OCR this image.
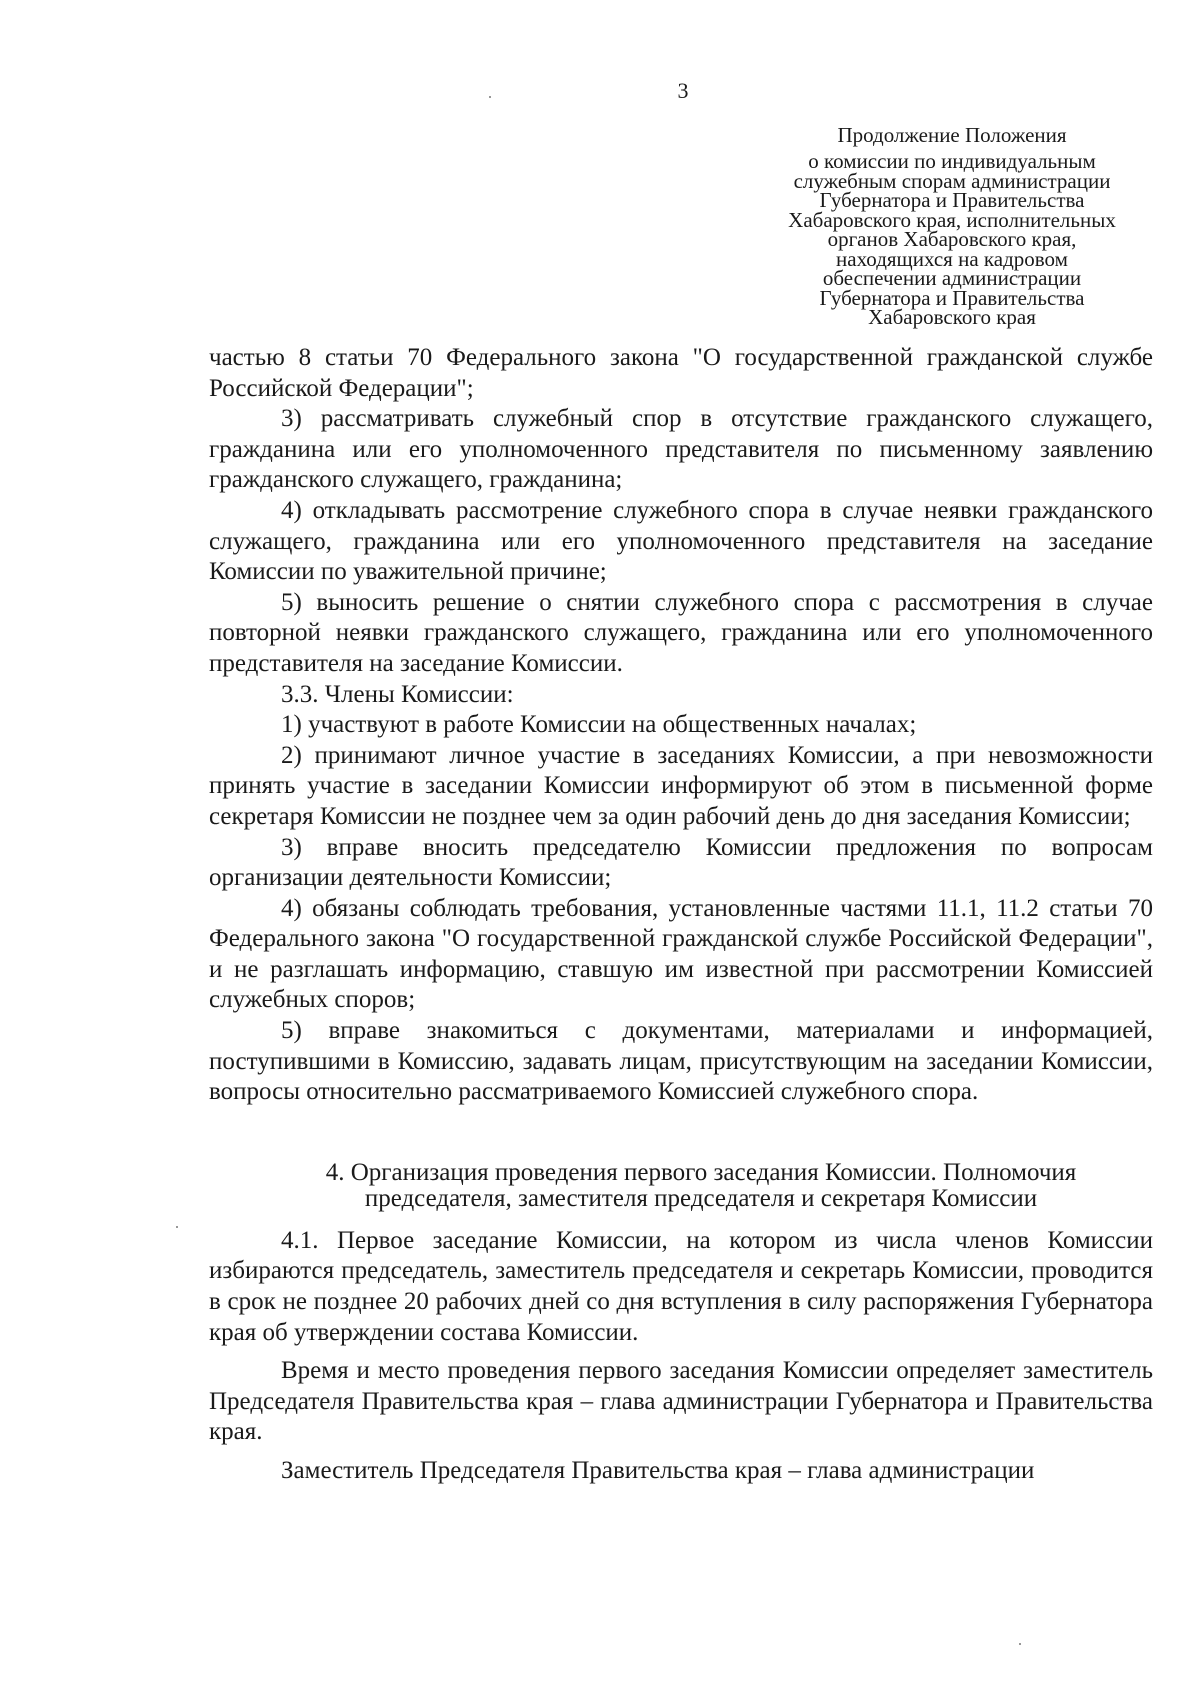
3
Продолжение Положения
о комиссии по индивидуальным
служебным спорам администрации
Губернатора и Правительства
Хабаровского края, исполнительных
органов Хабаровского края,
находящихся на кадровом
обеспечении администрации
Губернатора и Правительства
Хабаровского края

частью 8 статьи 70 Федерального закона "О государственной гражданской службе Российской Федерации";

3) рассматривать служебный спор в отсутствие гражданского служащего, гражданина или его уполномоченного представителя по письменному заявлению гражданского служащего, гражданина;

4) откладывать рассмотрение служебного спора в случае неявки гражданского служащего, гражданина или его уполномоченного представителя на заседание Комиссии по уважительной причине;

5) выносить решение о снятии служебного спора с рассмотрения в случае повторной неявки гражданского служащего, гражданина или его уполномоченного представителя на заседание Комиссии.

3.3. Члены Комиссии:

1) участвуют в работе Комиссии на общественных началах;

2) принимают личное участие в заседаниях Комиссии, а при невозможности принять участие в заседании Комиссии информируют об этом в письменной форме секретаря Комиссии не позднее чем за один рабочий день до дня заседания Комиссии;

3) вправе вносить председателю Комиссии предложения по вопросам организации деятельности Комиссии;

4) обязаны соблюдать требования, установленные частями 11.1, 11.2 статьи 70 Федерального закона "О государственной гражданской службе Российской Федерации", и не разглашать информацию, ставшую им известной при рассмотрении Комиссией служебных споров;

5) вправе знакомиться с документами, материалами и информацией, поступившими в Комиссию, задавать лицам, присутствующим на заседании Комиссии, вопросы относительно рассматриваемого Комиссией служебного спора.

4. Организация проведения первого заседания Комиссии. Полномочия
председателя, заместителя председателя и секретаря Комиссии

4.1. Первое заседание Комиссии, на котором из числа членов Комиссии избираются председатель, заместитель председателя и секретарь Комиссии, проводится в срок не позднее 20 рабочих дней со дня вступления в силу распоряжения Губернатора края об утверждении состава Комиссии.

Время и место проведения первого заседания Комиссии определяет заместитель Председателя Правительства края – глава администрации Губернатора и Правительства края.

Заместитель Председателя Правительства края – глава администрации
